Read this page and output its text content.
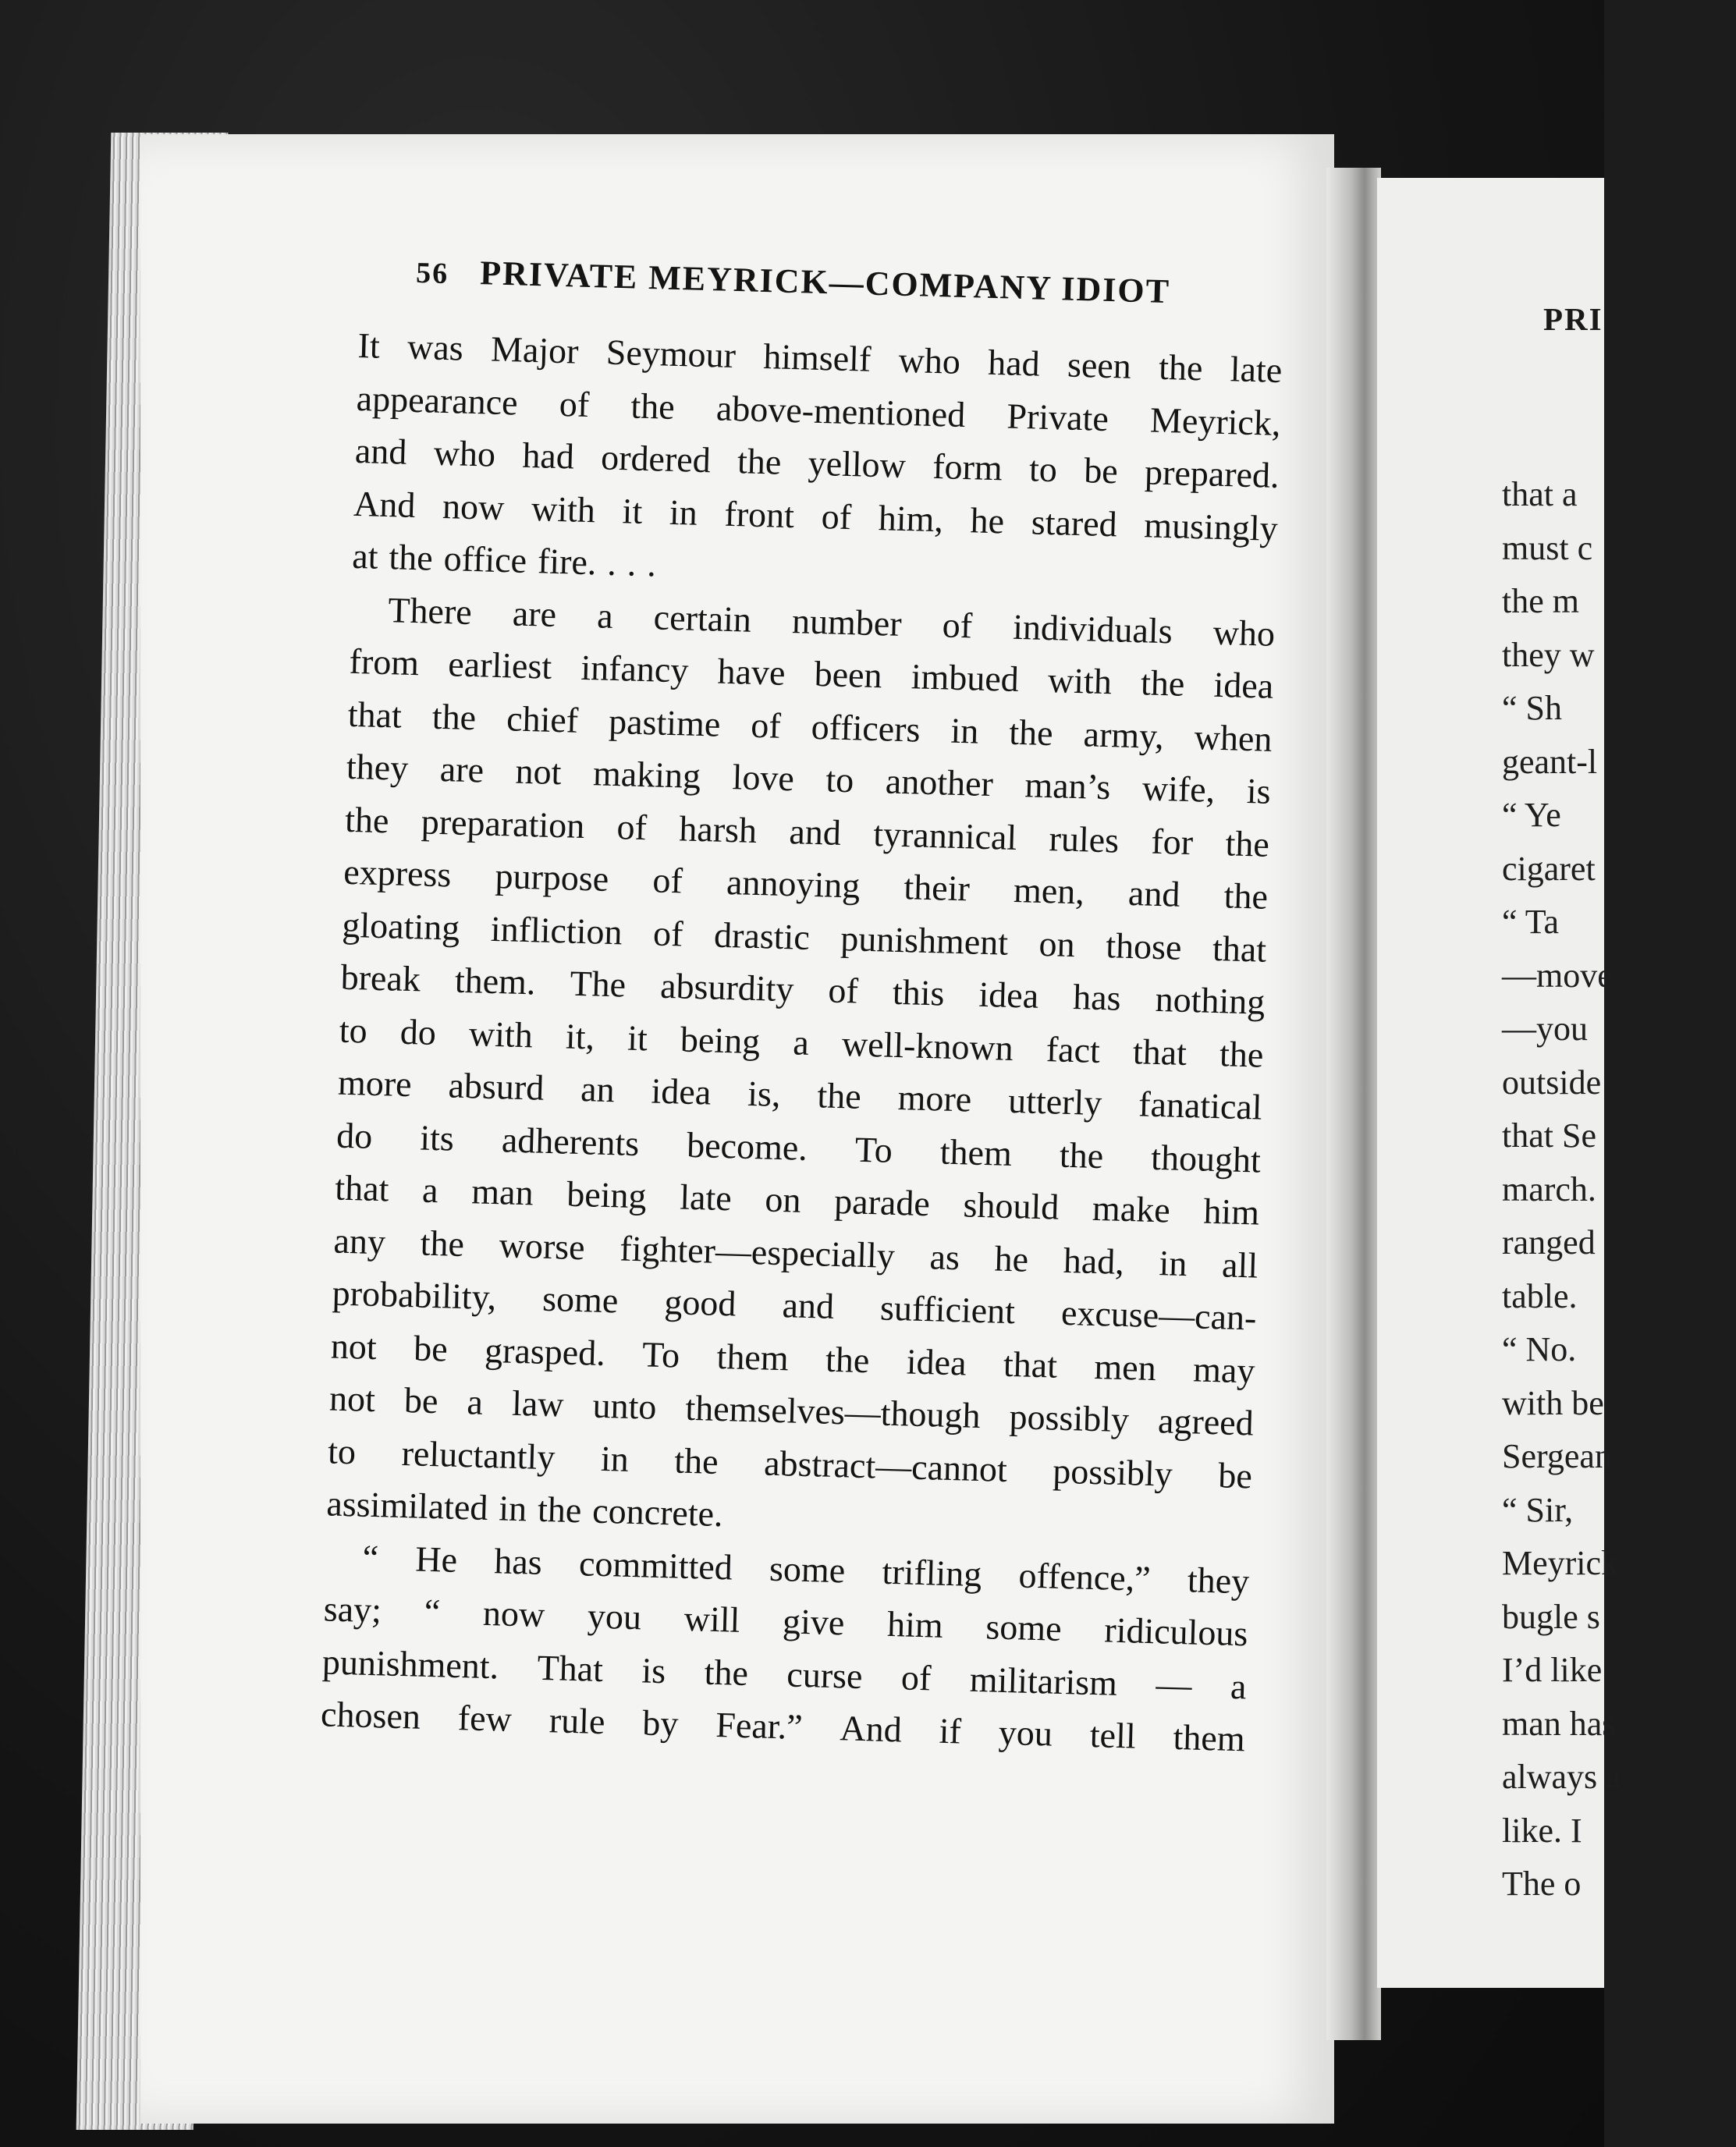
that a
must c
the m
they w
“ Sh
geant-l
“ Ye
cigaret
“ Ta
—move
—you
outside
that Se
march.
ranged
table.
“ No.
with be
Sergean
“ Sir,
Meyrick
bugle s
I’d like
man has
always a
like. I
The o
PRI
56 PRIVATE MEYRICK—COMPANY IDIOT
It was Major Seymour himself who had seen the late
appearance of the above-mentioned Private Meyrick,
and who had ordered the yellow form to be prepared.
And now with it in front of him, he stared musingly
at the office fire. . . .
There are a certain number of individuals who
from earliest infancy have been imbued with the idea
that the chief pastime of officers in the army, when
they are not making love to another man’s wife, is
the preparation of harsh and tyrannical rules for the
express purpose of annoying their men, and the
gloating infliction of drastic punishment on those that
break them. The absurdity of this idea has nothing
to do with it, it being a well-known fact that the
more absurd an idea is, the more utterly fanatical
do its adherents become. To them the thought
that a man being late on parade should make him
any the worse fighter—especially as he had, in all
probability, some good and sufficient excuse—can-
not be grasped. To them the idea that men may
not be a law unto themselves—though possibly agreed
to reluctantly in the abstract—cannot possibly be
assimilated in the concrete.
“ He has committed some trifling offence,” they
say; “ now you will give him some ridiculous
punishment. That is the curse of militarism — a
chosen few rule by Fear.” And if you tell them
